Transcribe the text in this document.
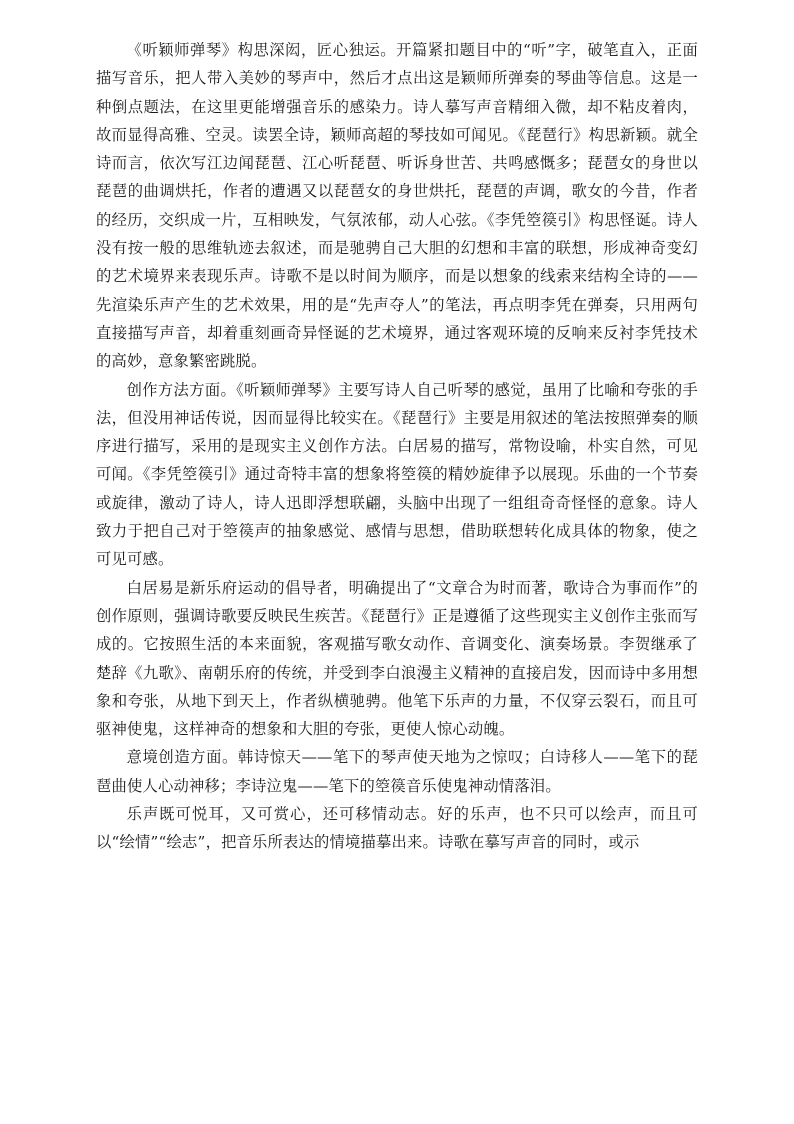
《听颖师弹琴》构思深闳，匠心独运。开篇紧扣题目中的“听”字，破笔直入，正面描写音乐，把人带入美妙的琴声中，然后才点出这是颖师所弹奏的琴曲等信息。这是一种倒点题法，在这里更能增强音乐的感染力。诗人摹写声音精细入微，却不粘皮着肉，故而显得高雅、空灵。读罢全诗，颖师高超的琴技如可闻见。《琵琶行》构思新颖。就全诗而言，依次写江边闻琵琶、江心听琵琶、听诉身世苦、共鸣感慨多；琵琶女的身世以琵琶的曲调烘托，作者的遭遇又以琵琶女的身世烘托，琵琶的声调，歌女的今昔，作者的经历，交织成一片，互相映发，气氛浓郁，动人心弦。《李凭箜篌引》构思怪诞。诗人没有按一般的思维轨迹去叙述，而是驰骋自己大胆的幻想和丰富的联想，形成神奇变幻的艺术境界来表现乐声。诗歌不是以时间为顺序，而是以想象的线索来结构全诗的——先渲染乐声产生的艺术效果，用的是“先声夺人”的笔法，再点明李凭在弹奏，只用两句直接描写声音，却着重刻画奇异怪诞的艺术境界，通过客观环境的反响来反衬李凭技术的高妙，意象繁密跳脱。

创作方法方面。《听颖师弹琴》主要写诗人自己听琴的感觉，虽用了比喻和夸张的手法，但没用神话传说，因而显得比较实在。《琵琶行》主要是用叙述的笔法按照弹奏的顺序进行描写，采用的是现实主义创作方法。白居易的描写，常物设喻，朴实自然，可见可闻。《李凭箜篌引》通过奇特丰富的想象将箜篌的精妙旋律予以展现。乐曲的一个节奏或旋律，激动了诗人，诗人迅即浮想联翩，头脑中出现了一组组奇奇怪怪的意象。诗人致力于把自己对于箜篌声的抽象感觉、感情与思想，借助联想转化成具体的物象，使之可见可感。

白居易是新乐府运动的倡导者，明确提出了“文章合为时而著，歌诗合为事而作”的创作原则，强调诗歌要反映民生疾苦。《琵琶行》正是遵循了这些现实主义创作主张而写成的。它按照生活的本来面貌，客观描写歌女动作、音调变化、演奏场景。李贺继承了楚辞《九歌》、南朝乐府的传统，并受到李白浪漫主义精神的直接启发，因而诗中多用想象和夸张，从地下到天上，作者纵横驰骋。他笔下乐声的力量，不仅穿云裂石，而且可驱神使鬼，这样神奇的想象和大胆的夸张，更使人惊心动魄。

意境创造方面。韩诗惊天——笔下的琴声使天地为之惊叹；白诗移人——笔下的琵琶曲使人心动神移；李诗泣鬼——笔下的箜篌音乐使鬼神动情落泪。

乐声既可悦耳，又可赏心，还可移情动志。好的乐声，也不只可以绘声，而且可以“绘情”“绘志”，把音乐所表达的情境描摹出来。诗歌在摹写声音的同时，或示
